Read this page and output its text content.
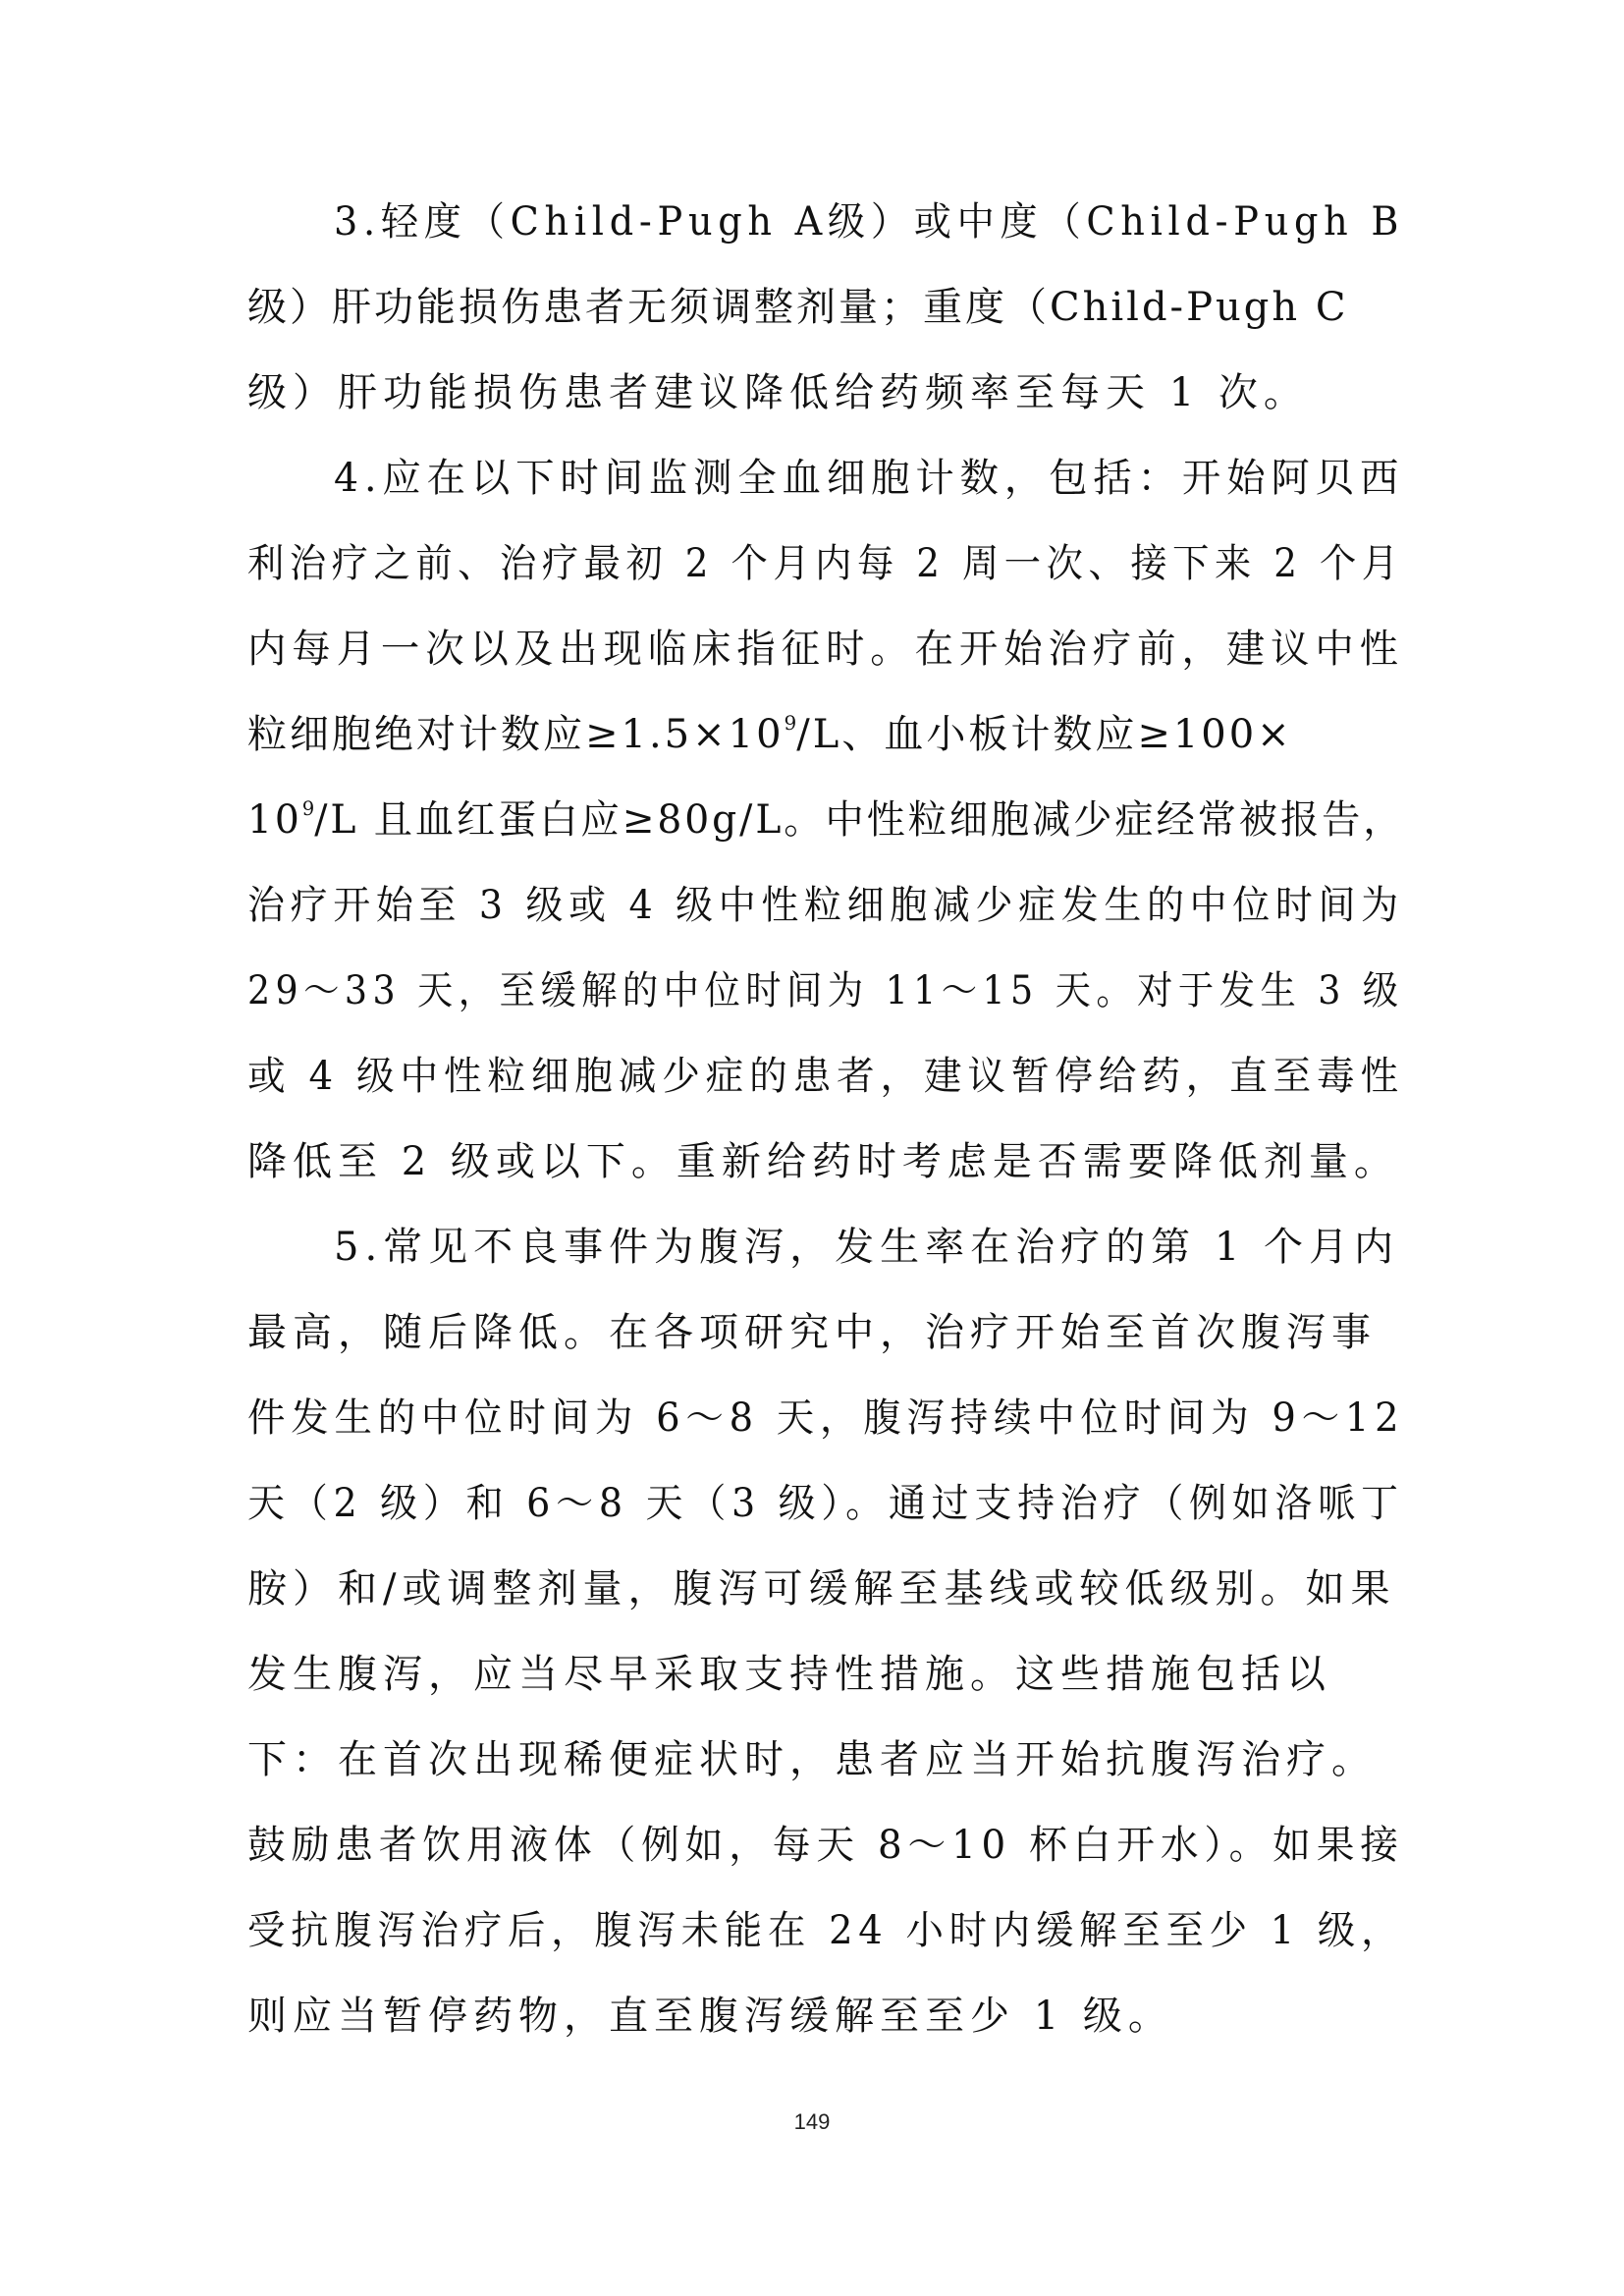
3.轻度（Child-Pugh A级）或中度（Child-Pugh B
级）肝功能损伤患者无须调整剂量；重度（Child-Pugh C
级）肝功能损伤患者建议降低给药频率至每天 1 次。
4.应在以下时间监测全血细胞计数，包括：开始阿贝西
利治疗之前、治疗最初 2 个月内每 2 周一次、接下来 2 个月
内每月一次以及出现临床指征时。在开始治疗前，建议中性
粒细胞绝对计数应$\ge 1.5\times 10^9/L$、血小板计数应≥100×
$10^9/L$ 且血红蛋白应≥80g/L。中性粒细胞减少症经常被报告，
治疗开始至 3 级或 4 级中性粒细胞减少症发生的中位时间为
29～33 天，至缓解的中位时间为 11～15 天。对于发生 3 级
或 4 级中性粒细胞减少症的患者，建议暂停给药，直至毒性
降低至 2 级或以下。重新给药时考虑是否需要降低剂量。
5.常见不良事件为腹泻，发生率在治疗的第 1 个月内
最高，随后降低。在各项研究中，治疗开始至首次腹泻事
件发生的中位时间为 6～8 天，腹泻持续中位时间为 9～12
天（2 级）和 6～8 天（3 级）。通过支持治疗（例如洛哌丁
胺）和/或调整剂量，腹泻可缓解至基线或较低级别。如果
发生腹泻，应当尽早采取支持性措施。这些措施包括以
下：在首次出现稀便症状时，患者应当开始抗腹泻治疗。
鼓励患者饮用液体（例如，每天 8～10 杯白开水）。如果接
受抗腹泻治疗后，腹泻未能在 24 小时内缓解至至少 1 级，
则应当暂停药物，直至腹泻缓解至至少 1 级。
149
